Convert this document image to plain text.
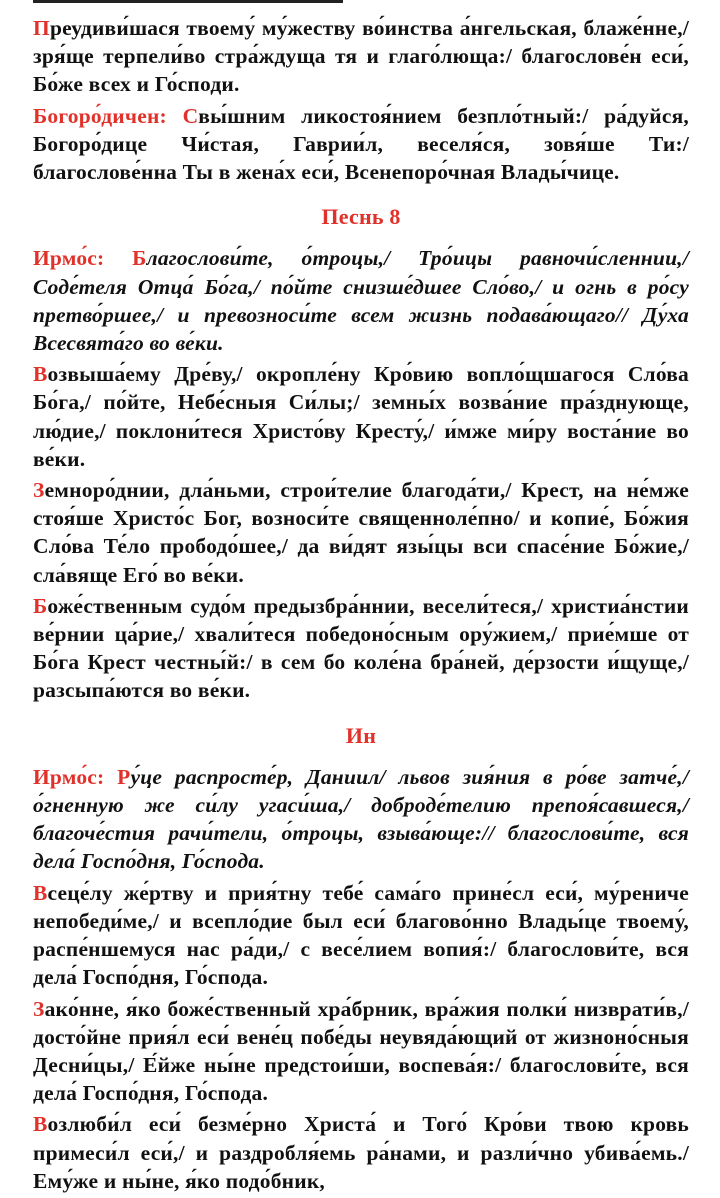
Преудиви́шася твоему́ му́жеству во́инства а́нгельская, блаже́нне,/ зря́ще терпели́во стра́ждуща тя и глаго́люща:/ благослове́н еси́, Бо́же всех и Го́споди.

Богоро́дичен: Свы́шним ликостоя́нием безпло́тный:/ ра́дуйся, Богоро́дице Чи́стая, Гаврии́л, веселя́ся, зовя́ше Ти:/ благослове́нна Ты в жена́х еси́, Всенепоро́чная Влады́чице.

Песнь 8

Ирмо́с: Благослови́те, о́троцы,/ Тро́ицы равночи́сленнии,/ Соде́теля Отца́ Бо́га,/ по́йте снизше́дшее Сло́во,/ и огнь в ро́су претво́ршее,/ и превозноси́те всем жизнь подава́ющаго// Ду́ха Всесвята́го во ве́ки.

Возвыша́ему Дре́ву,/ окропле́ну Кро́вию вопло́щшагося Сло́ва Бо́га,/ по́йте, Небе́сныя Си́лы;/ земны́х возва́ние пра́зднующе, лю́дие,/ поклони́теся Христо́ву Кресту́,/ и́мже ми́ру воста́ние во ве́ки.

Земноро́днии, дла́ньми, строи́телие благода́ти,/ Крест, на не́мже стоя́ше Христо́с Бог, возноси́те священноле́пно/ и копие́, Бо́жия Сло́ва Те́ло прободо́шее,/ да ви́дят язы́цы вси спасе́ние Бо́жие,/ сла́вяще Его́ во ве́ки.

Боже́ственным судо́м предызбра́ннии, весели́теся,/ христиа́нстии ве́рнии ца́рие,/ хвали́теся победоно́сным ору́жием,/ прие́мше от Бо́га Крест честны́й:/ в сем бо коле́на бра́ней, де́рзости и́щуще,/ разсыпа́ются во ве́ки.

Ин

Ирмо́с: Ру́це распросте́р, Даниил/ львов зия́ния в ро́ве затче́,/ о́гненную же си́лу угаси́ша,/ доброде́телию препоя́савшеся,/ благоче́стия рачи́тели, о́троцы, взыва́юще:// благослови́те, вся дела́ Госпо́дня, Го́спода.

Всеце́лу же́ртву и прия́тну тебе́ сама́го прине́сл еси́, му́рениче непобеди́ме,/ и всепло́дие был еси́ благово́нно Влады́це твоему́, распе́ншемуся нас ра́ди,/ с весе́лием вопия́:/ благослови́те, вся дела́ Госпо́дня, Го́спода.

Зако́нне, я́ко боже́ственный хра́брник, вра́жия полки́ низврати́в,/ досто́йне прия́л еси́ вене́ц побе́ды неувяда́ющий от жизноно́сныя Десни́цы,/ Е́йже ны́не предстои́ши, воспева́я:/ благослови́те, вся дела́ Госпо́дня, Го́спода.

Возлюби́л еси́ безме́рно Христа́ и Того́ Кро́ви твою кровь примеси́л еси́,/ и раздробля́емь ра́нами, и разли́чно убива́емь./ Ему́же и ны́не, я́ко подо́бник,
